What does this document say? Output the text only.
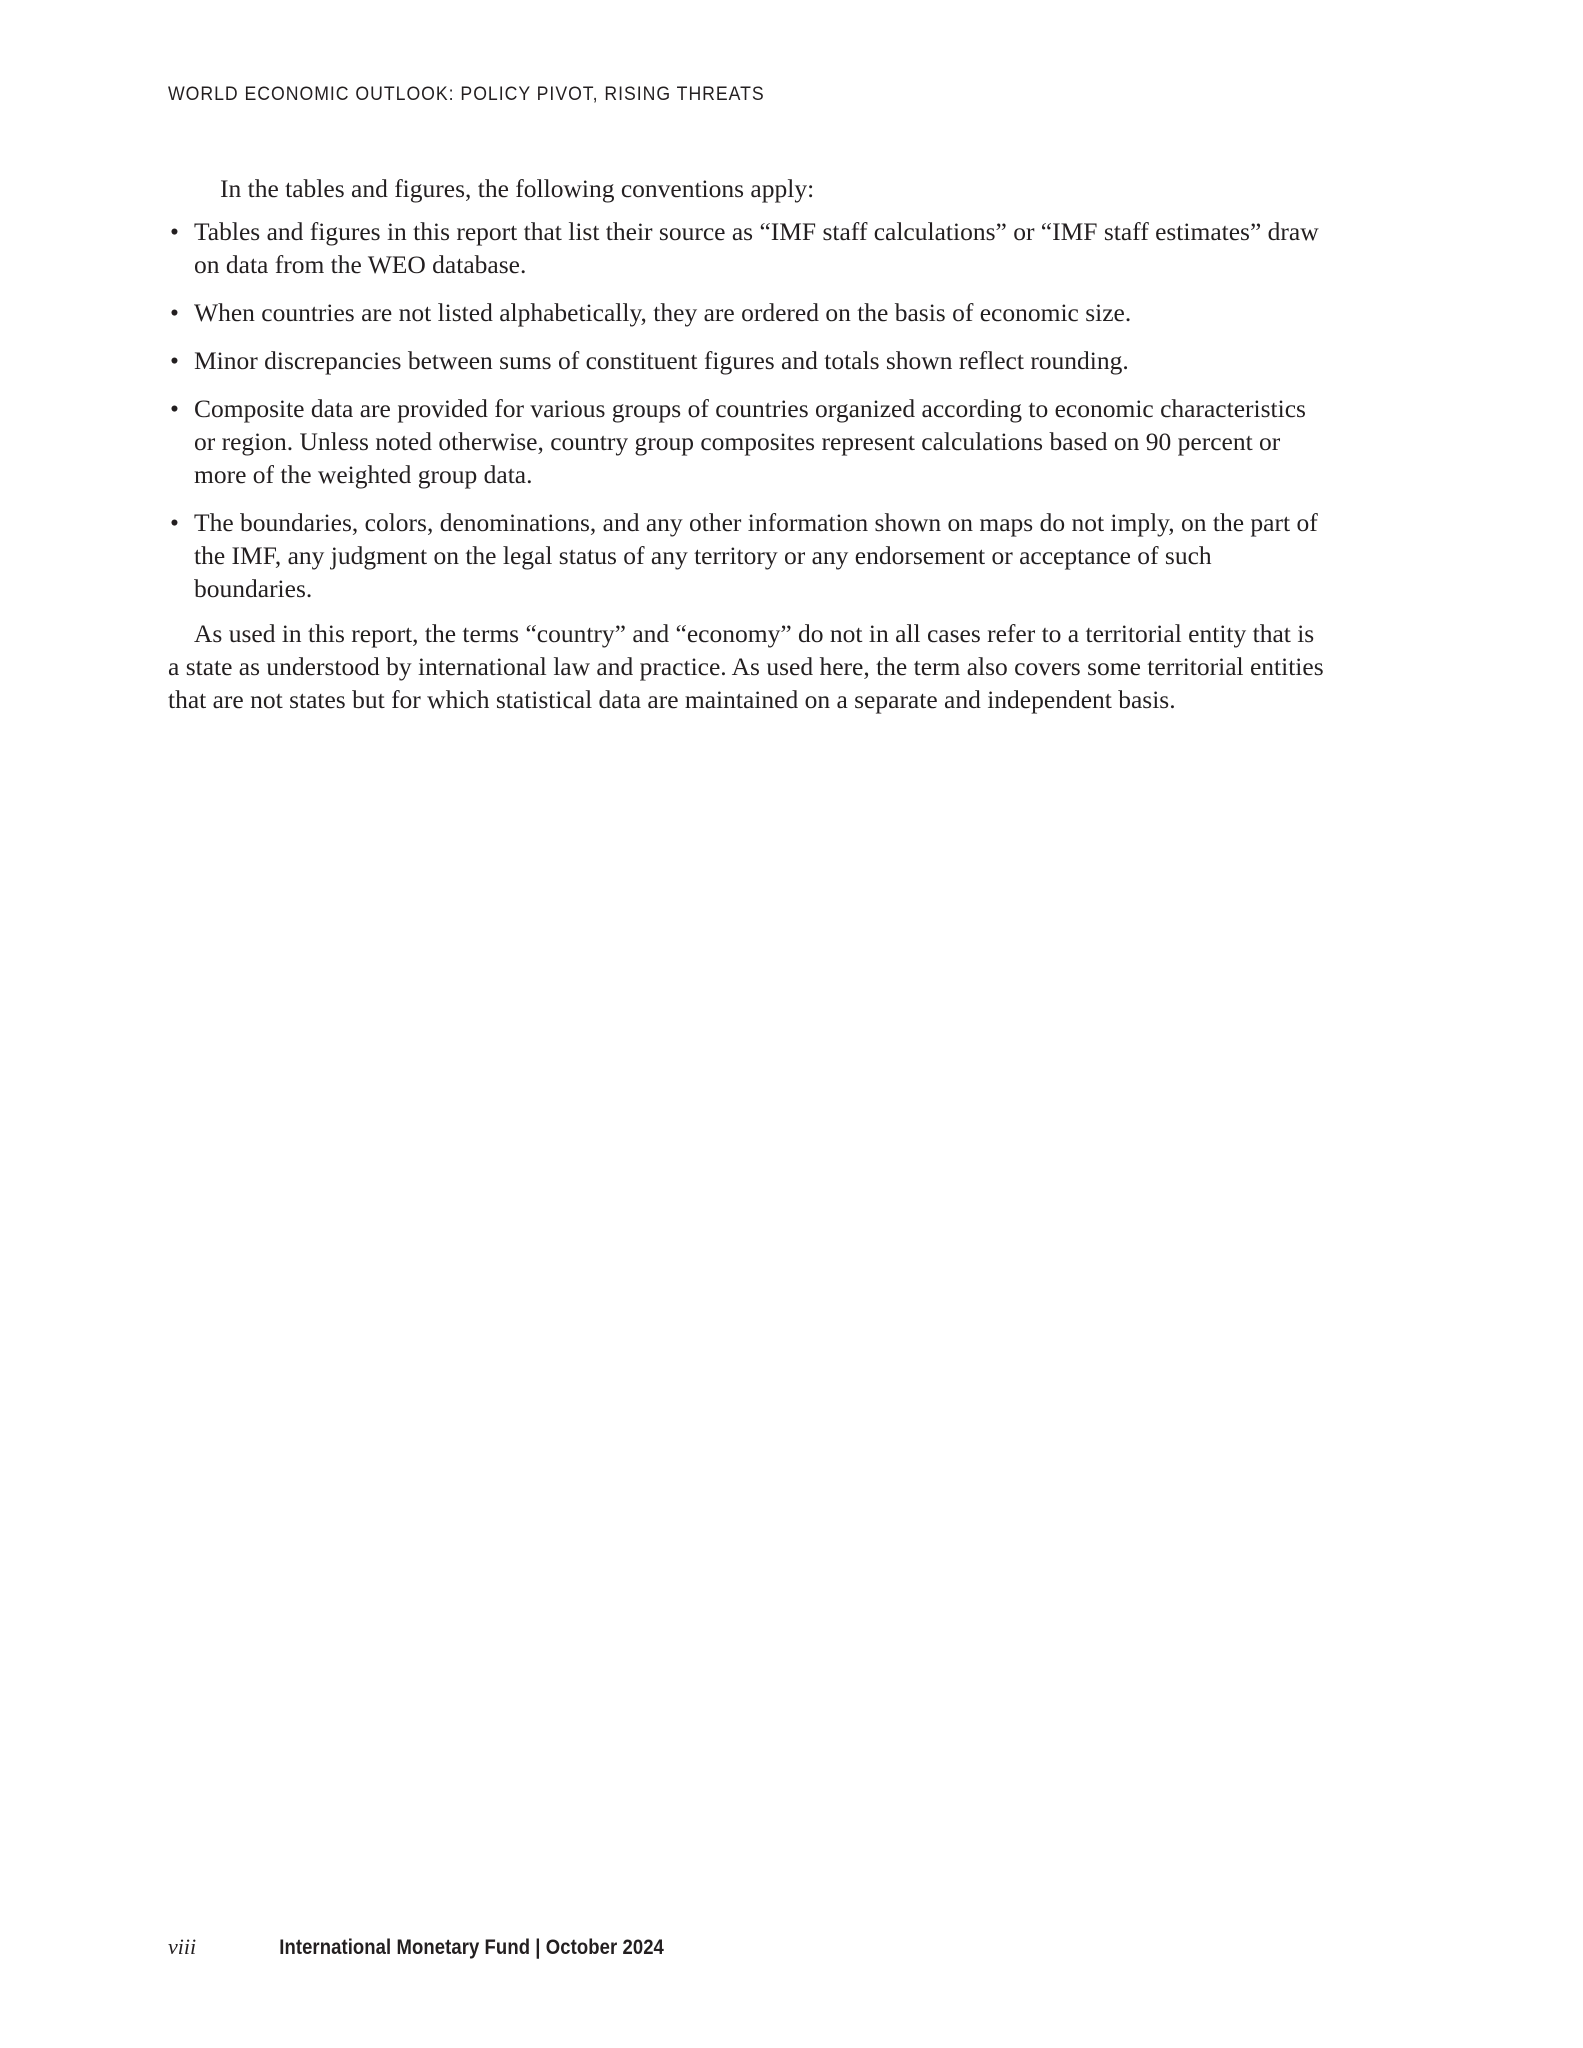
WORLD ECONOMIC OUTLOOK: POLICY PIVOT, RISING THREATS

In the tables and figures, the following conventions apply:

• Tables and figures in this report that list their source as “IMF staff calculations” or “IMF staff estimates” draw on data from the WEO database.
• When countries are not listed alphabetically, they are ordered on the basis of economic size.
• Minor discrepancies between sums of constituent figures and totals shown reflect rounding.
• Composite data are provided for various groups of countries organized according to economic characteristics or region. Unless noted otherwise, country group composites represent calculations based on 90 percent or more of the weighted group data.
• The boundaries, colors, denominations, and any other information shown on maps do not imply, on the part of the IMF, any judgment on the legal status of any territory or any endorsement or acceptance of such boundaries.

As used in this report, the terms “country” and “economy” do not in all cases refer to a territorial entity that is a state as understood by international law and practice. As used here, the term also covers some territorial entities that are not states but for which statistical data are maintained on a separate and independent basis.

viii	International Monetary Fund | October 2024
